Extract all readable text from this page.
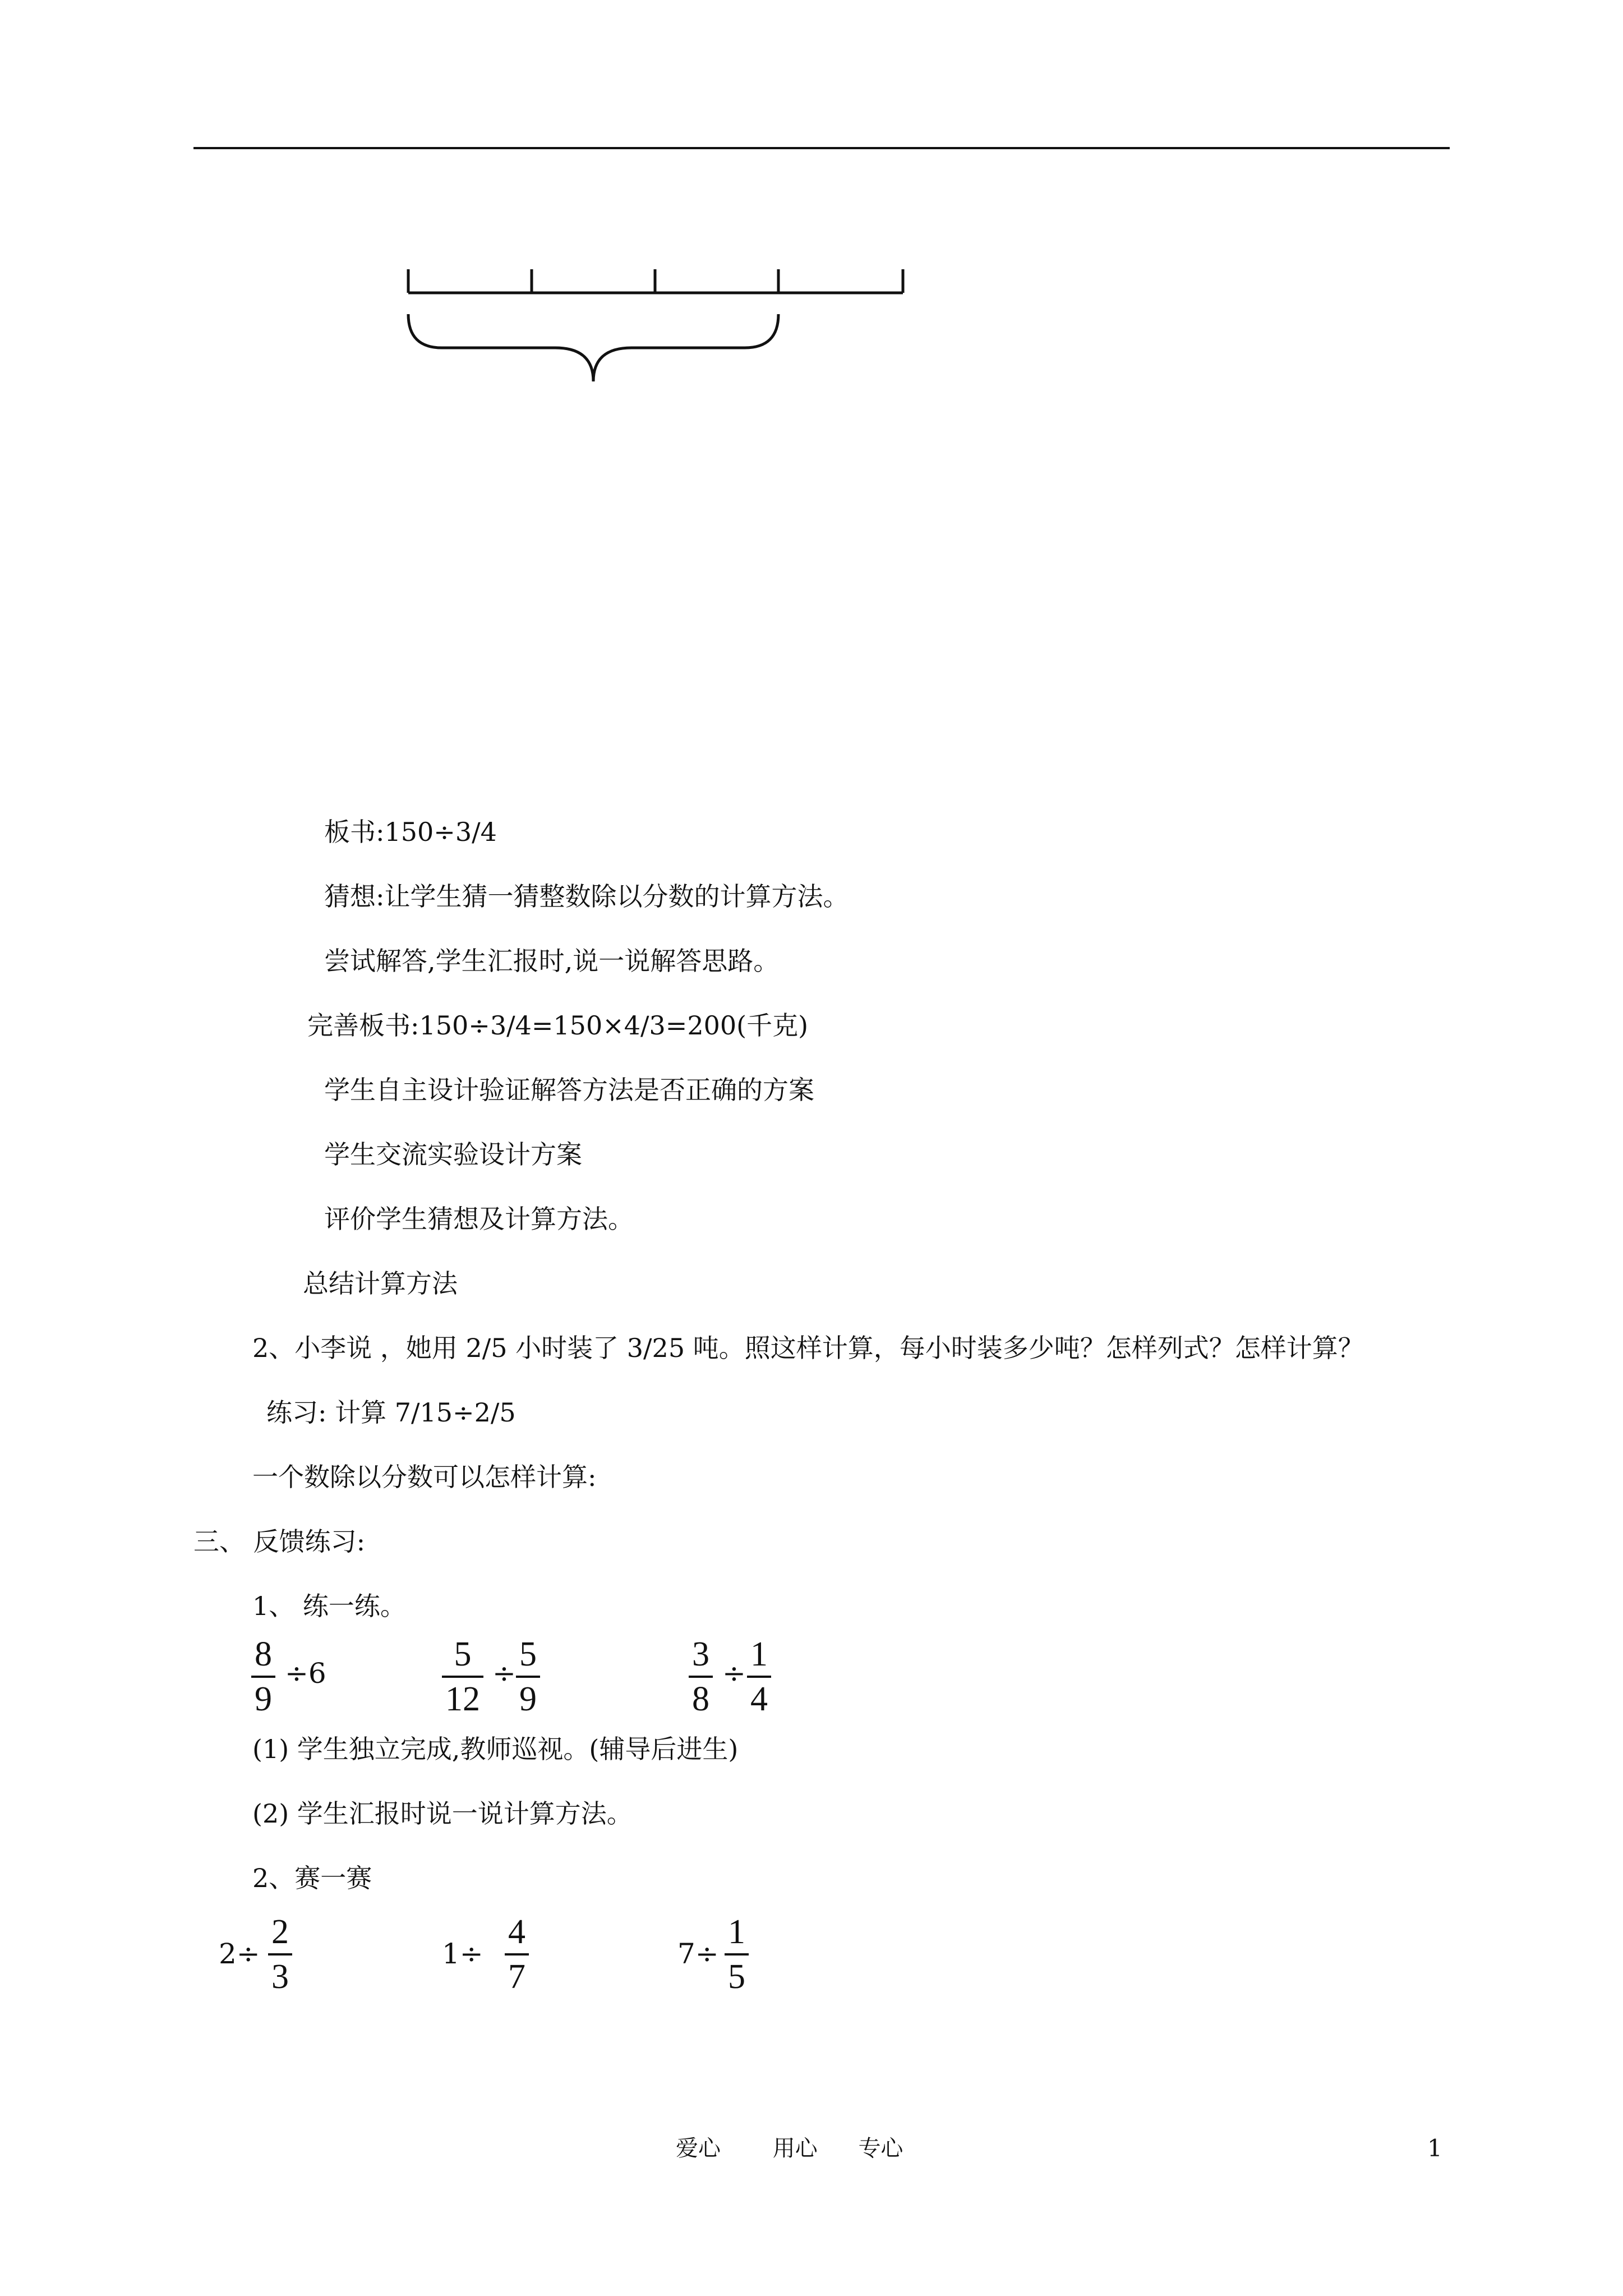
板书:150÷3/4
猜想:让学生猜一猜整数除以分数的计算方法。
尝试解答,学生汇报时,说一说解答思路。
完善板书:150÷3/4=150×4/3=200(千克)
学生自主设计验证解答方法是否正确的方案
学生交流实验设计方案
评价学生猜想及计算方法。
总结计算方法
2、小李说 ，她用 2/5 小时装了 3/25 吨。照这样计算，每小时装多少吨？怎样列式？怎样计算？
练习: 计算 7/15÷2/5
一个数除以分数可以怎样计算:
三、 反馈练习:
1、 练一练。
8
9
÷6	5
12
÷ 5
9
3
8
÷ 1
4
(1) 学生独立完成,教师巡视。(辅导后进生)
(2) 学生汇报时说一说计算方法。
2、赛一赛
2÷
2
3
1÷
4
7
7÷
1
5
爱心 用心 专心	1
